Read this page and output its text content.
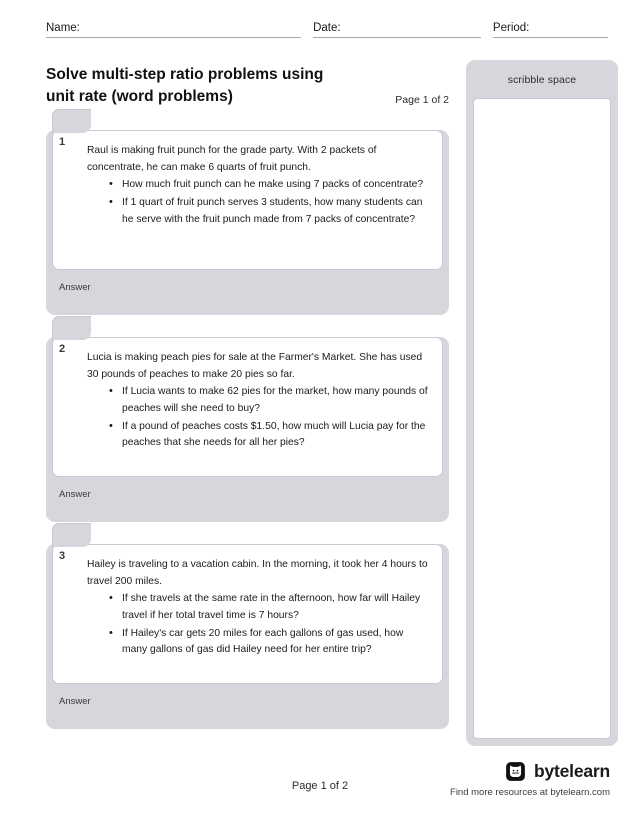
Name:	Date:	Period:
Solve multi-step ratio problems using unit rate (word problems)	Page 1 of 2
1
Raul is making fruit punch for the grade party. With 2 packets of concentrate, he can make 6 quarts of fruit punch.
• How much fruit punch can he make using 7 packs of concentrate?
• If 1 quart of fruit punch serves 3 students, how many students can he serve with the fruit punch made from 7 packs of concentrate?
Answer
2
Lucia is making peach pies for sale at the Farmer's Market. She has used 30 pounds of peaches to make 20 pies so far.
• If Lucia wants to make 62 pies for the market, how many pounds of peaches will she need to buy?
• If a pound of peaches costs $1.50, how much will Lucia pay for the peaches that she needs for all her pies?
Answer
3
Hailey is traveling to a vacation cabin. In the morning, it took her 4 hours to travel 200 miles.
• If she travels at the same rate in the afternoon, how far will Hailey travel if her total travel time is 7 hours?
• If Hailey's car gets 20 miles for each gallons of gas used, how many gallons of gas did Hailey need for her entire trip?
Answer
scribble space
Page 1 of 2
bytelearn
Find more resources at bytelearn.com
